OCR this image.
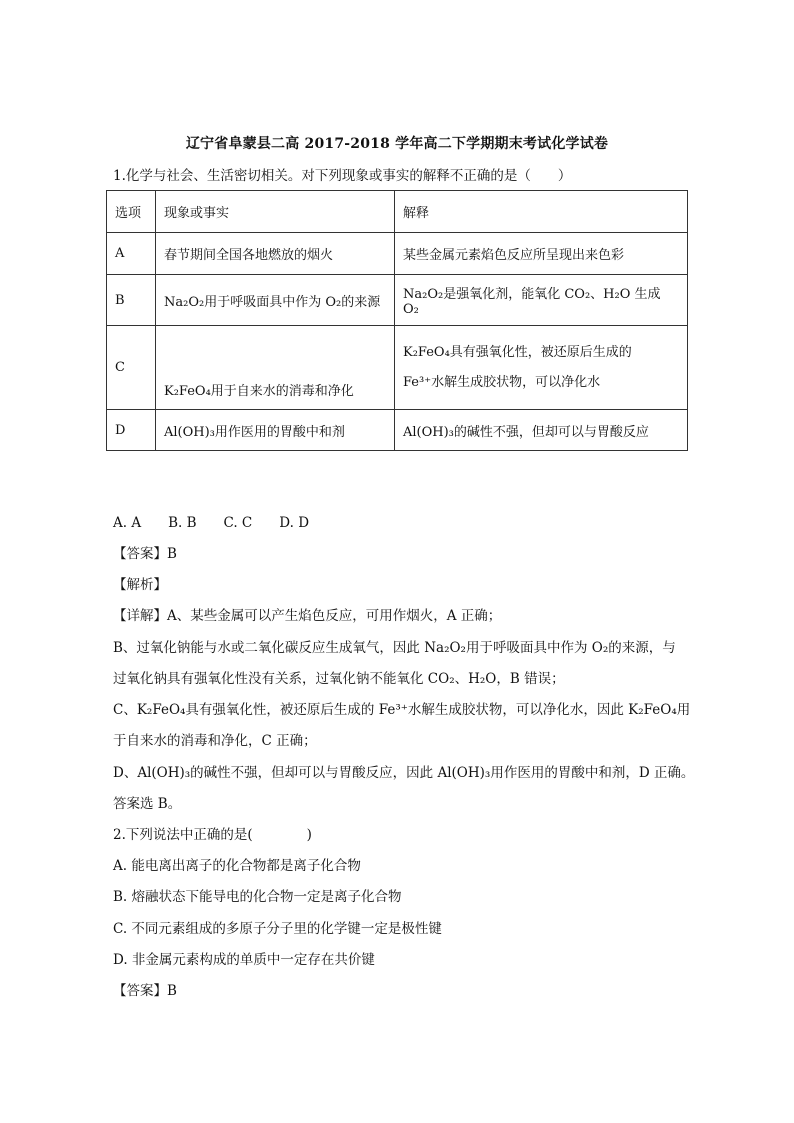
辽宁省阜蒙县二高 2017-2018 学年高二下学期期末考试化学试卷
1.化学与社会、生活密切相关。对下列现象或事实的解释不正确的是（　　）
选项	现象或事实	解释
A	春节期间全国各地燃放的烟火	某些金属元素焰色反应所呈现出来色彩
B	Na₂O₂用于呼吸面具中作为 O₂的来源	Na₂O₂是强氧化剂，能氧化 CO₂、H₂O 生成 O₂
C	K₂FeO₄用于自来水的消毒和净化	K₂FeO₄具有强氧化性，被还原后生成的
Fe³⁺水解生成胶状物，可以净化水

D	Al(OH)₃用作医用的胃酸中和剂	Al(OH)₃的碱性不强，但却可以与胃酸反应
A. A　　B. B　　C. C　　D. D
【答案】B
【解析】
【详解】A、某些金属可以产生焰色反应，可用作烟火，A 正确；
B、过氧化钠能与水或二氧化碳反应生成氧气，因此 Na₂O₂用于呼吸面具中作为 O₂的来源，与
过氧化钠具有强氧化性没有关系，过氧化钠不能氧化 CO₂、H₂O，B 错误；
C、K₂FeO₄具有强氧化性，被还原后生成的 Fe³⁺水解生成胶状物，可以净化水，因此 K₂FeO₄用
于自来水的消毒和净化，C 正确；
D、Al(OH)₃的碱性不强，但却可以与胃酸反应，因此 Al(OH)₃用作医用的胃酸中和剂，D 正确。
答案选 B。
2.下列说法中正确的是(　　　　)
A. 能电离出离子的化合物都是离子化合物
B. 熔融状态下能导电的化合物一定是离子化合物
C. 不同元素组成的多原子分子里的化学键一定是极性键
D. 非金属元素构成的单质中一定存在共价键
【答案】B
